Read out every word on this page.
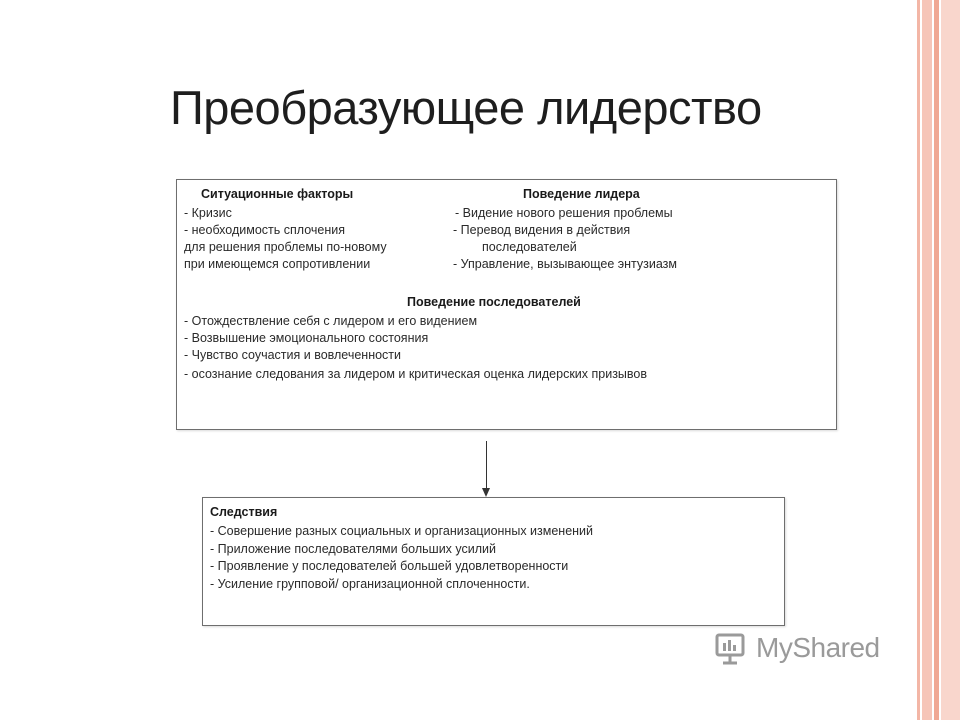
Преобразующее лидерство
Ситуационные факторы
- Кризис
- необходимость сплочения
для решения проблемы по-новому
при имеющемся сопротивлении
Поведение лидера
- Видение нового решения проблемы
- Перевод видения в действия
последователей
- Управление, вызывающее энтузиазм
Поведение последователей
- Отождествление себя с лидером и его видением
- Возвышение эмоционального состояния
- Чувство соучастия и вовлеченности
- осознание следования за лидером и критическая оценка лидерских призывов
Следствия
- Совершение разных социальных и организационных изменений
- Приложение последователями больших усилий
- Проявление у последователей большей удовлетворенности
- Усиление групповой/ организационной сплоченности.
MyShared
